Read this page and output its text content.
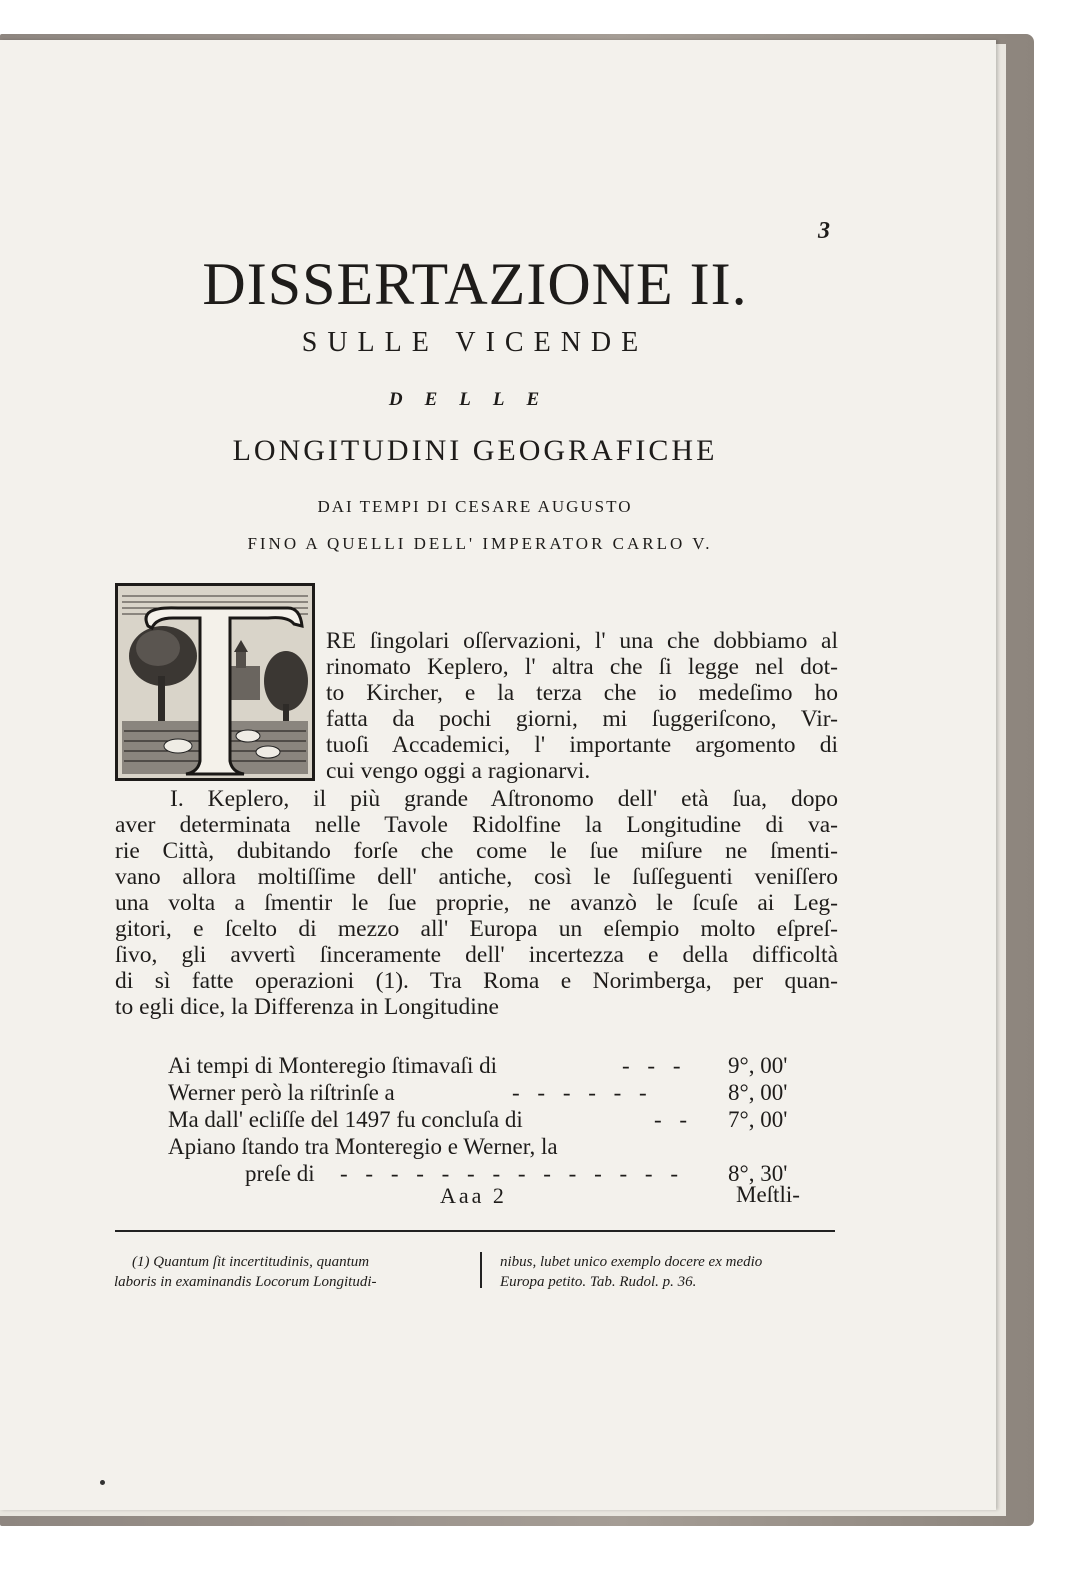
3
DISSERTAZIONE II.
SULLE VICENDE
DELLE
LONGITUDINI GEOGRAFICHE
DAI TEMPI DI CESARE AUGUSTO
FINO A QUELLI DELL' IMPERATOR CARLO V.
RE ſingolari oſſervazioni, l' una che dobbiamo al
rinomato Keplero, l' altra che ſi legge nel dot-
to Kircher, e la terza che io medeſimo ho
fatta da pochi giorni, mi ſuggeriſcono, Vir-
tuoſi Accademici, l' importante argomento di
cui vengo oggi a ragionarvi.
I. Keplero, il più grande Aſtronomo dell' età ſua, dopo
aver determinata nelle Tavole Ridolfine la Longitudine di va-
rie Città, dubitando forſe che come le ſue miſure ne ſmenti-
vano allora moltiſſime dell' antiche, così le ſuſſeguenti veniſſero
una volta a ſmentir le ſue proprie, ne avanzò le ſcuſe ai Leg-
gitori, e ſcelto di mezzo all' Europa un eſempio molto eſpreſ-
ſivo, gli avvertì ſinceramente dell' incertezza e della difficoltà
di sì fatte operazioni (1). Tra Roma e Norimberga, per quan-
to egli dice, la Differenza in Longitudine
Ai tempi di Monteregio ſtimavaſi di	- - - 9°, 00'
Werner però la riſtrinſe a	- - - - - -	8°, 00'
Ma dall' ecliſſe del 1497 fu concluſa di	- - 7°, 00'
Apiano ſtando tra Monteregio e Werner, la
preſe di - - - - - - - - - - - - - - 8°, 30'
Aaa 2	Meſtli-
(1) Quantum ſit incertitudinis, quantum
laboris in examinandis Locorum Longitudi-
nibus, lubet unico exemplo docere ex medio
Europa petito. Tab. Rudol. p. 36.
